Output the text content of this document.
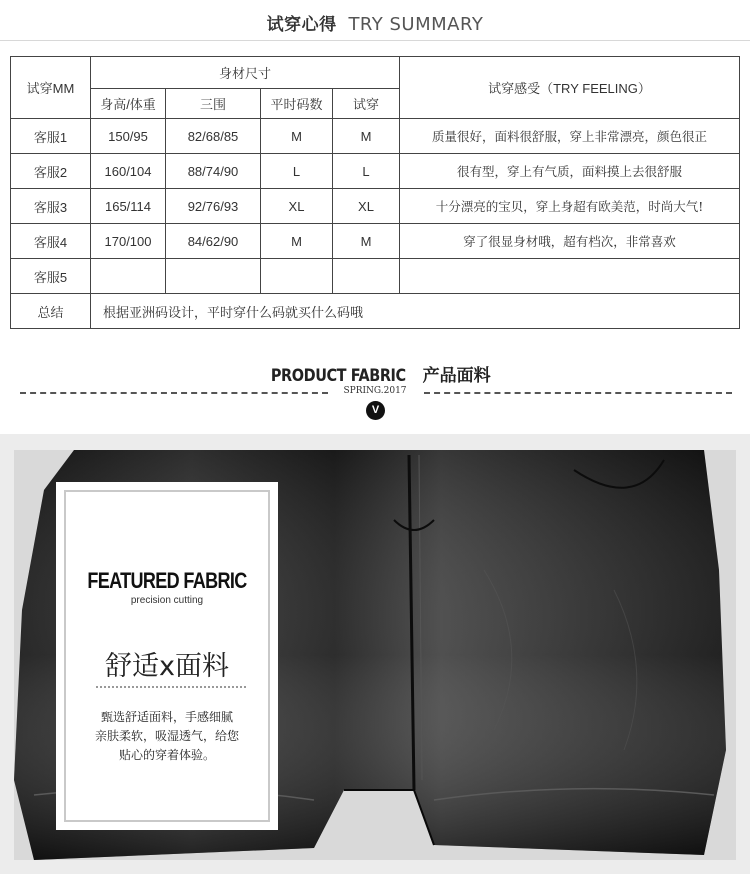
试穿心得 TRY SUMMARY
试穿MM	身材尺寸				试穿感受（TRY FEELING）
	身高/体重	三围	平时码数	试穿	
客服1	150/95	82/68/85	M	M	质量很好，面料很舒服，穿上非常漂亮，颜色很正
客服2	160/104	88/74/90	L	L	很有型，穿上有气质，面料摸上去很舒服
客服3	165/114	92/76/93	XL	XL	十分漂亮的宝贝，穿上身超有欧美范，时尚大气!
客服4	170/100	84/62/90	M	M	穿了很显身材哦，超有档次，非常喜欢
客服5					
总结	根据亚洲码设计，平时穿什么码就买什么码哦				
PRODUCT FABRIC 产品面料
SPRING.2017
V
FEATURED FABRIC
precision cutting
舒适x面料
甄选舒适面料，手感细腻
亲肤柔软，吸湿透气，给您
贴心的穿着体验。
